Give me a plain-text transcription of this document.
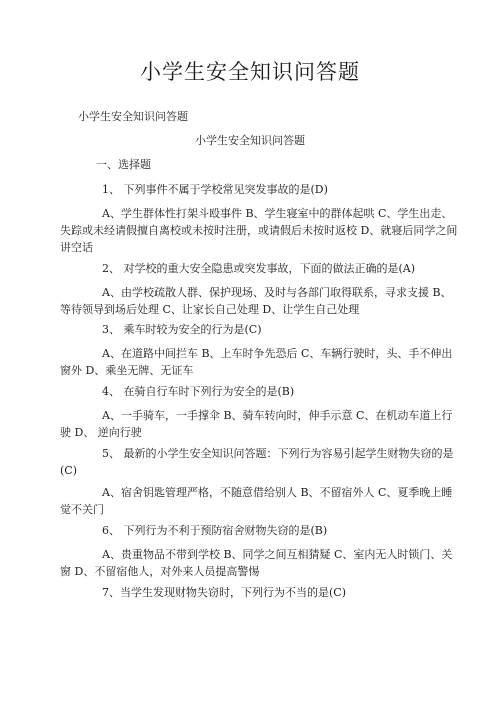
小学生安全知识问答题
小学生安全知识问答题
小学生安全知识问答题
一、选择题
1、 下列事件不属于学校常见突发事故的是(D)
A、学生群体性打架斗殴事件 B、学生寝室中的群体起哄 C、学生出走、
失踪或未经请假擅自离校或未按时注册，或请假后未按时返校 D、就寝后同学之间
讲空话
2、 对学校的重大安全隐患或突发事故，下面的做法正确的是(A)
A、由学校疏散人群、保护现场、及时与各部门取得联系，寻求支援 B、
等待领导到场后处理 C、让家长自己处理 D、让学生自己处理
3、 乘车时较为安全的行为是(C)
A、在道路中间拦车 B、上车时争先恐后 C、车辆行驶时，头、手不伸出
窗外 D、乘坐无牌、无证车
4、 在骑自行车时下列行为安全的是(B)
A、一手骑车，一手撑伞 B、骑车转向时，伸手示意 C、在机动车道上行
驶 D、 逆向行驶
5、 最新的小学生安全知识问答题：下列行为容易引起学生财物失窃的是
(C)
A、宿舍钥匙管理严格，不随意借给别人 B、不留宿外人 C、夏季晚上睡
觉不关门
6、 下列行为不利于预防宿舍财物失窃的是(B)
A、贵重物品不带到学校 B、同学之间互相猜疑 C、室内无人时锁门、关
窗 D、不留宿他人，对外来人员提高警惕
7、当学生发现财物失窃时，下列行为不当的是(C)
